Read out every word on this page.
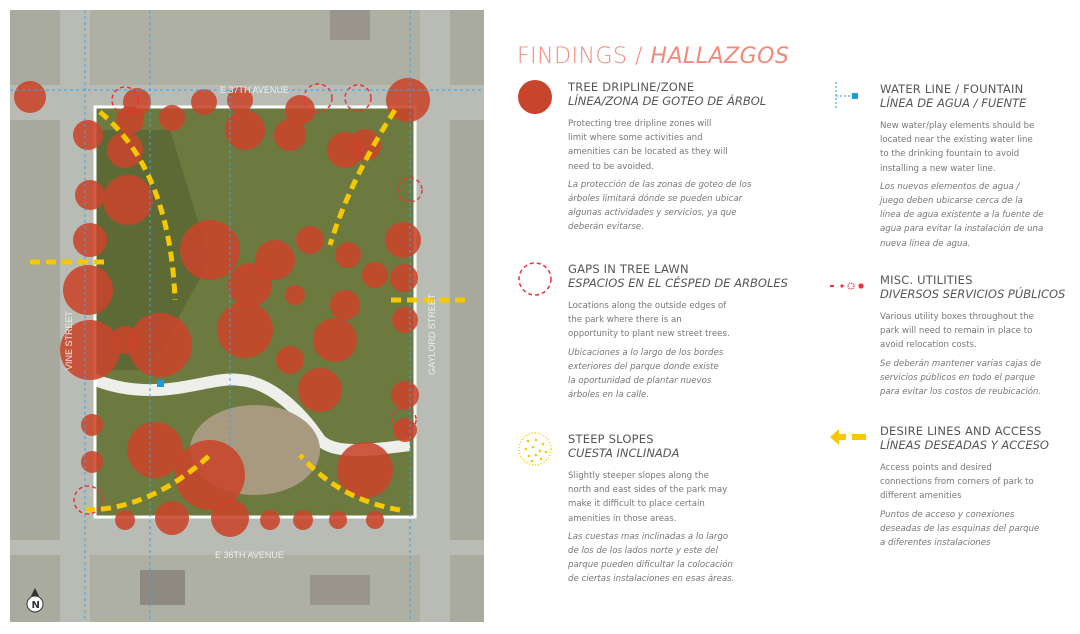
E 37TH AVENUE
E 36TH AVENUE
VINE STREET	GAYLORD STREET
N
FINDINGS / HALLAZGOS
TREE DRIPLINE/ZONE
LÍNEA/ZONA DE GOTEO DE ÁRBOL
Protecting tree dripline zones will limit where some activities and amenities can be located as they will need to be avoided.
La protección de las zonas de goteo de los árboles limitará dónde se pueden ubicar algunas actividades y servicios, ya que deberán evitarse.
GAPS IN TREE LAWN
ESPACIOS EN EL CÉSPED DE ARBOLES
Locations along the outside edges of the park where there is an opportunity to plant new street trees.
Ubicaciones a lo largo de los bordes exteriores del parque donde existe la oportunidad de plantar nuevos árboles en la calle.
STEEP SLOPES
CUESTA INCLINADA
Slightly steeper slopes along the north and east sides of the park may make it difficult to place certain amenities in those areas.
Las cuestas mas inclinadas a lo largo de los de los lados norte y este del parque pueden dificultar la colocación de ciertas instalaciones en esas áreas.
WATER LINE / FOUNTAIN
LÍNEA DE AGUA / FUENTE
New water/play elements should be located near the existing water line to the drinking fountain to avoid installing a new water line.
Los nuevos elementos de agua / juego deben ubicarse cerca de la línea de agua existente a la fuente de agua para evitar la instalación de una nueva línea de agua.
MISC. UTILITIES
DIVERSOS SERVICIOS PÚBLICOS
Various utility boxes throughout the park will need to remain in place to avoid relocation costs.
Se deberán mantener varias cajas de servicios públicos en todo el parque para evitar los costos de reubicación.
DESIRE LINES AND ACCESS
LÍNEAS DESEADAS Y ACCESO
Access points and desired connections from corners of park to different amenities
Puntos de acceso y conexiones deseadas de las esquinas del parque a diferentes instalaciones
